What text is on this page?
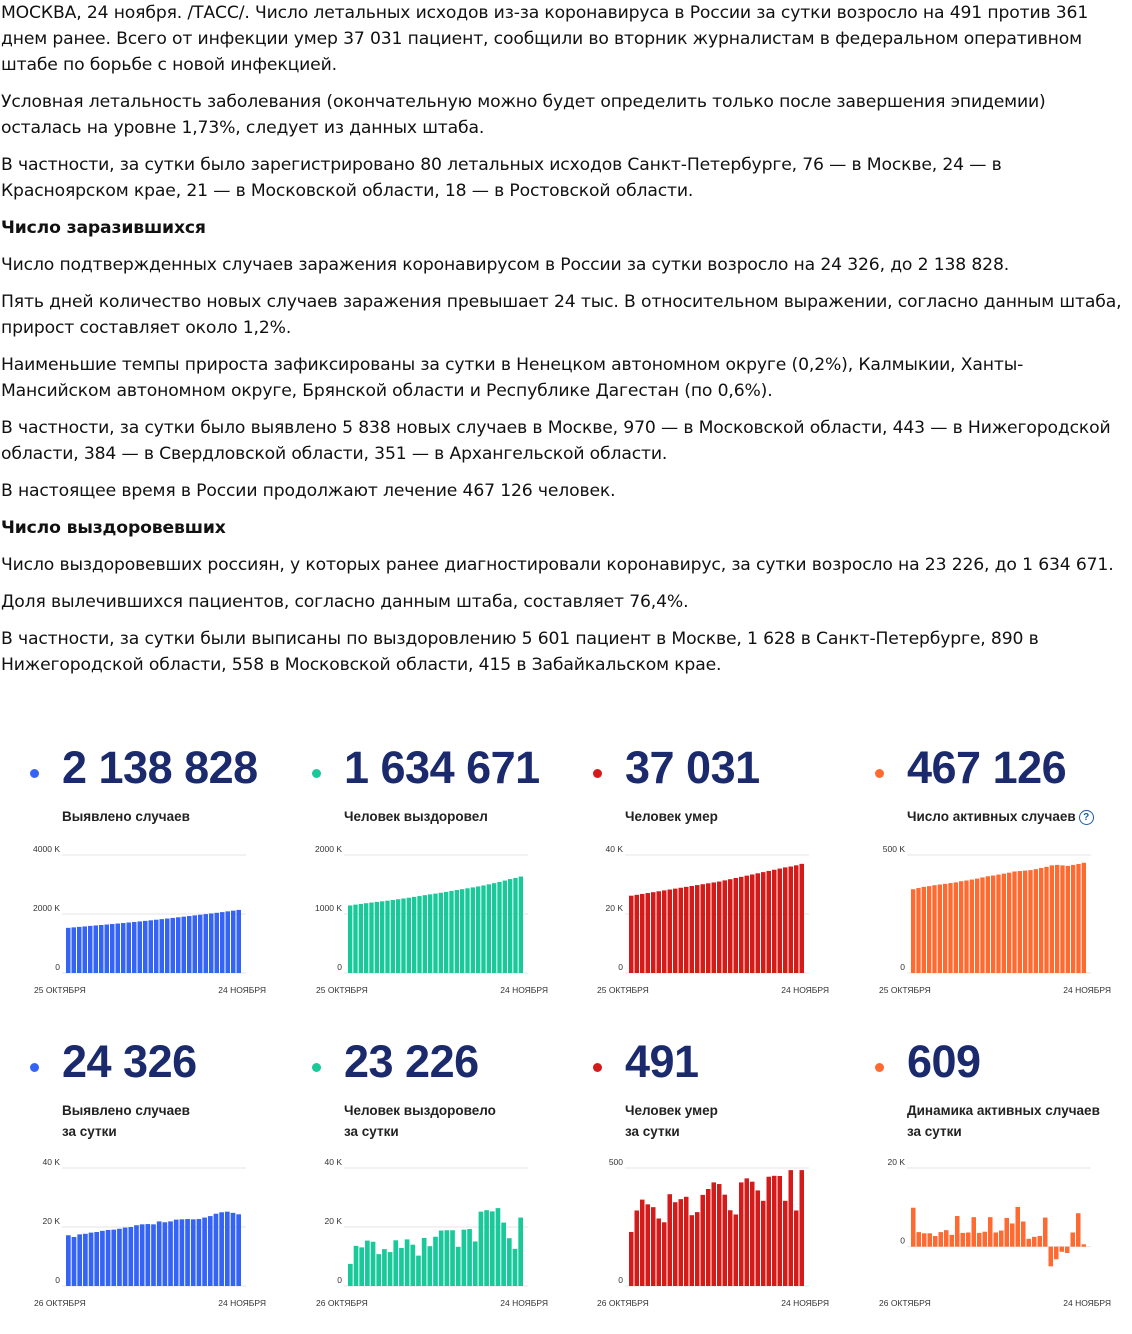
МОСКВА, 24 ноября. /ТАСС/. Число летальных исходов из-за коронавируса в России за сутки возросло на 491 против 361 днем ранее. Всего от инфекции умер 37 031 пациент, сообщили во вторник журналистам в федеральном оперативном штабе по борьбе с новой инфекцией.

Условная летальность заболевания (окончательную можно будет определить только после завершения эпидемии) осталась на уровне 1,73%, следует из данных штаба.

В частности, за сутки было зарегистрировано 80 летальных исходов Санкт-Петербурге, 76 — в Москве, 24 — в Красноярском крае, 21 — в Московской области, 18 — в Ростовской области.

Число заразившихся

Число подтвержденных случаев заражения коронавирусом в России за сутки возросло на 24 326, до 2 138 828.

Пять дней количество новых случаев заражения превышает 24 тыс. В относительном выражении, согласно данным штаба, прирост составляет около 1,2%.

Наименьшие темпы прироста зафиксированы за сутки в Ненецком автономном округе (0,2%), Калмыкии, Ханты-Мансийском автономном округе, Брянской области и Республике Дагестан (по 0,6%).

В частности, за сутки было выявлено 5 838 новых случаев в Москве, 970 — в Московской области, 443 — в Нижегородской области, 384 — в Свердловской области, 351 — в Архангельской области.

В настоящее время в России продолжают лечение 467 126 человек.

Число выздоровевших

Число выздоровевших россиян, у которых ранее диагностировали коронавирус, за сутки возросло на 23 226, до 1 634 671.

Доля вылечившихся пациентов, согласно данным штаба, составляет 76,4%.

В частности, за сутки были выписаны по выздоровлению 5 601 пациент в Москве, 1 628 в Санкт-Петербурге, 890 в Нижегородской области, 558 в Московской области, 415 в Забайкальском крае.

2 138 828
Выявлено случаев
4000 K
2000 K
0
25 ОКТЯБРЯ	24 НОЯБРЯ
1 634 671
Человек выздоровел
2000 K
1000 K
0
25 ОКТЯБРЯ	24 НОЯБРЯ
37 031
Человек умер
40 K
20 K
0
25 ОКТЯБРЯ	24 НОЯБРЯ
467 126
Число активных случаев ?
500 K
0
25 ОКТЯБРЯ	24 НОЯБРЯ
24 326
Выявлено случаев
за сутки
40 K
20 K
0
26 ОКТЯБРЯ	24 НОЯБРЯ
23 226
Человек выздоровело
за сутки
40 K
20 K
0
26 ОКТЯБРЯ	24 НОЯБРЯ
491
Человек умер
за сутки
500
0
26 ОКТЯБРЯ	24 НОЯБРЯ
609
Динамика активных случаев
за сутки
20 K
0
26 ОКТЯБРЯ	24 НОЯБРЯ
